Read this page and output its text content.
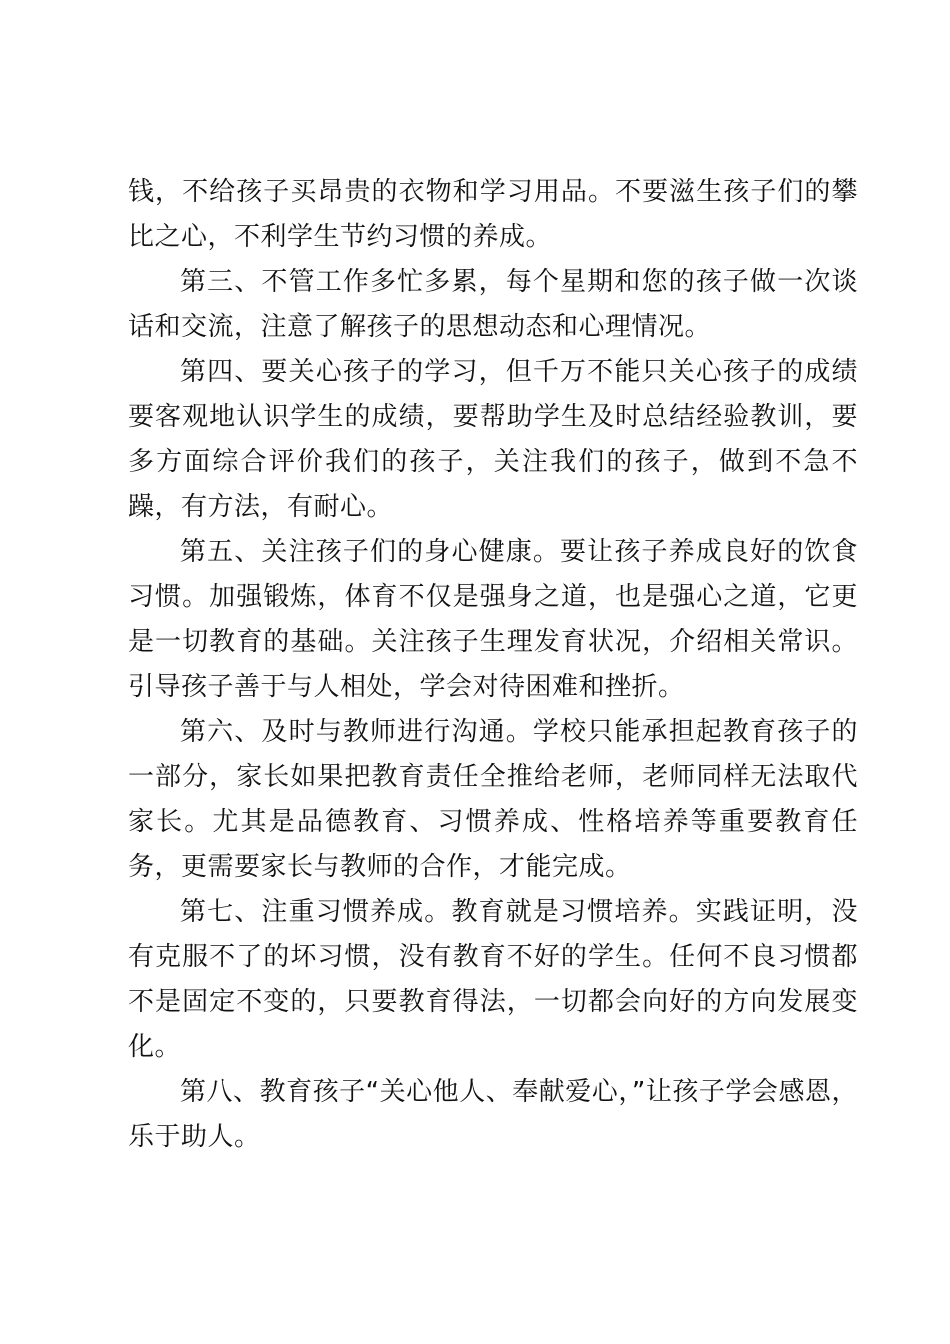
钱，不给孩子买昂贵的衣物和学习用品。不要滋生孩子们的攀比之心，不利学生节约习惯的养成。

第三、不管工作多忙多累，每个星期和您的孩子做一次谈话和交流，注意了解孩子的思想动态和心理情况。

第四、要关心孩子的学习，但千万不能只关心孩子的成绩要客观地认识学生的成绩，要帮助学生及时总结经验教训，要多方面综合评价我们的孩子，关注我们的孩子，做到不急不躁，有方法，有耐心。

第五、关注孩子们的身心健康。要让孩子养成良好的饮食习惯。加强锻炼，体育不仅是强身之道，也是强心之道，它更是一切教育的基础。关注孩子生理发育状况，介绍相关常识。引导孩子善于与人相处，学会对待困难和挫折。

第六、及时与教师进行沟通。学校只能承担起教育孩子的一部分，家长如果把教育责任全推给老师，老师同样无法取代家长。尤其是品德教育、习惯养成、性格培养等重要教育任务，更需要家长与教师的合作，才能完成。

第七、注重习惯养成。教育就是习惯培养。实践证明，没有克服不了的坏习惯，没有教育不好的学生。任何不良习惯都不是固定不变的，只要教育得法，一切都会向好的方向发展变化。

第八、教育孩子“关心他人、奉献爱心，”让孩子学会感恩，乐于助人。
